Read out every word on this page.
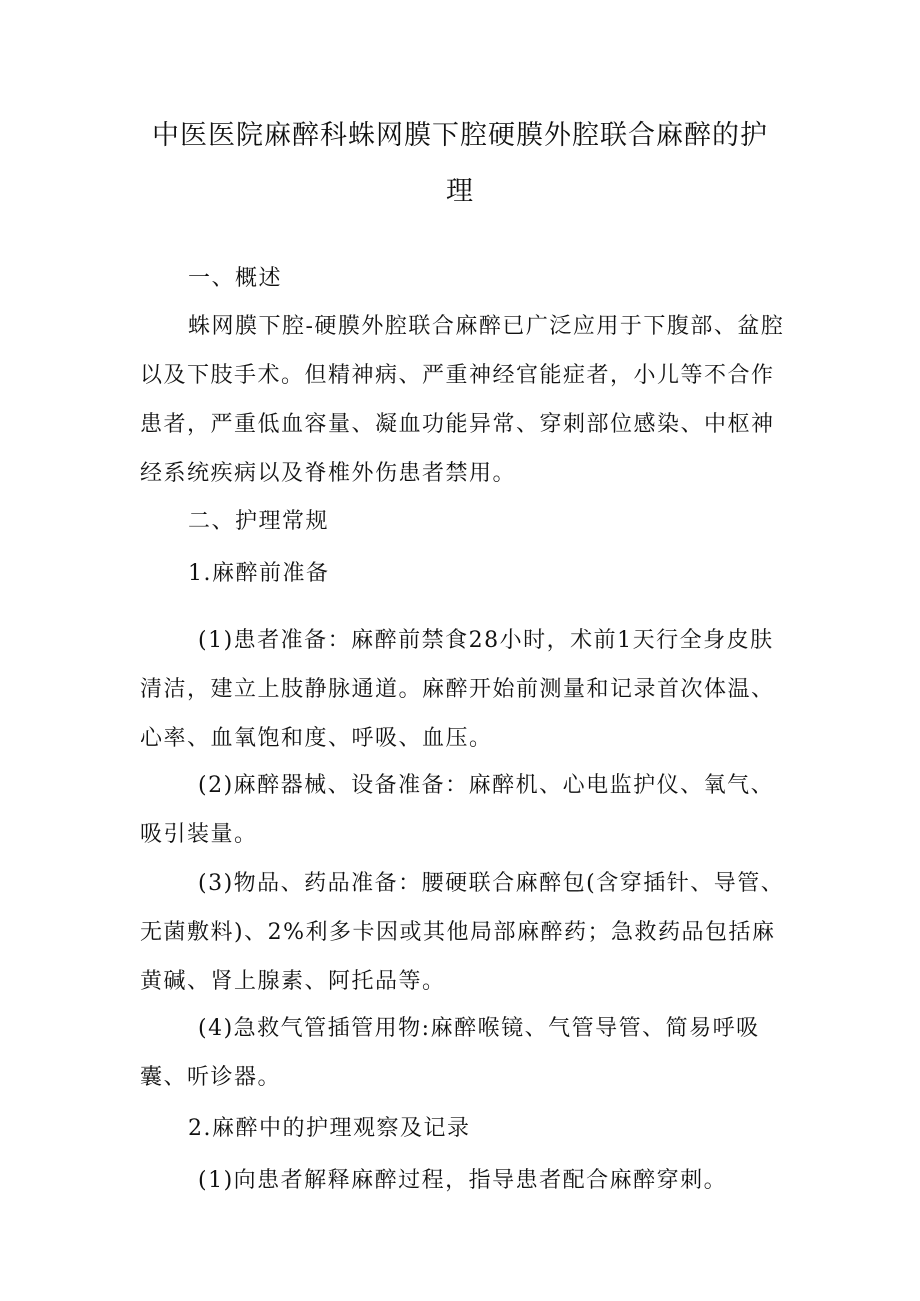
中医医院麻醉科蛛网膜下腔硬膜外腔联合麻醉的护
理

一、概述

蛛网膜下腔-硬膜外腔联合麻醉已广泛应用于下腹部、盆腔以及下肢手术。但精神病、严重神经官能症者，小儿等不合作患者，严重低血容量、凝血功能异常、穿刺部位感染、中枢神经系统疾病以及脊椎外伤患者禁用。

二、护理常规

1.麻醉前准备

(1)患者准备：麻醉前禁食28小时，术前1天行全身皮肤清洁，建立上肢静脉通道。麻醉开始前测量和记录首次体温、心率、血氧饱和度、呼吸、血压。

(2)麻醉器械、设备准备：麻醉机、心电监护仪、氧气、吸引装量。

(3)物品、药品准备：腰硬联合麻醉包(含穿插针、导管、无菌敷料)、2%利多卡因或其他局部麻醉药；急救药品包括麻黄碱、肾上腺素、阿托品等。

(4)急救气管插管用物:麻醉喉镜、气管导管、简易呼吸囊、听诊器。

2.麻醉中的护理观察及记录

(1)向患者解释麻醉过程，指导患者配合麻醉穿刺。
